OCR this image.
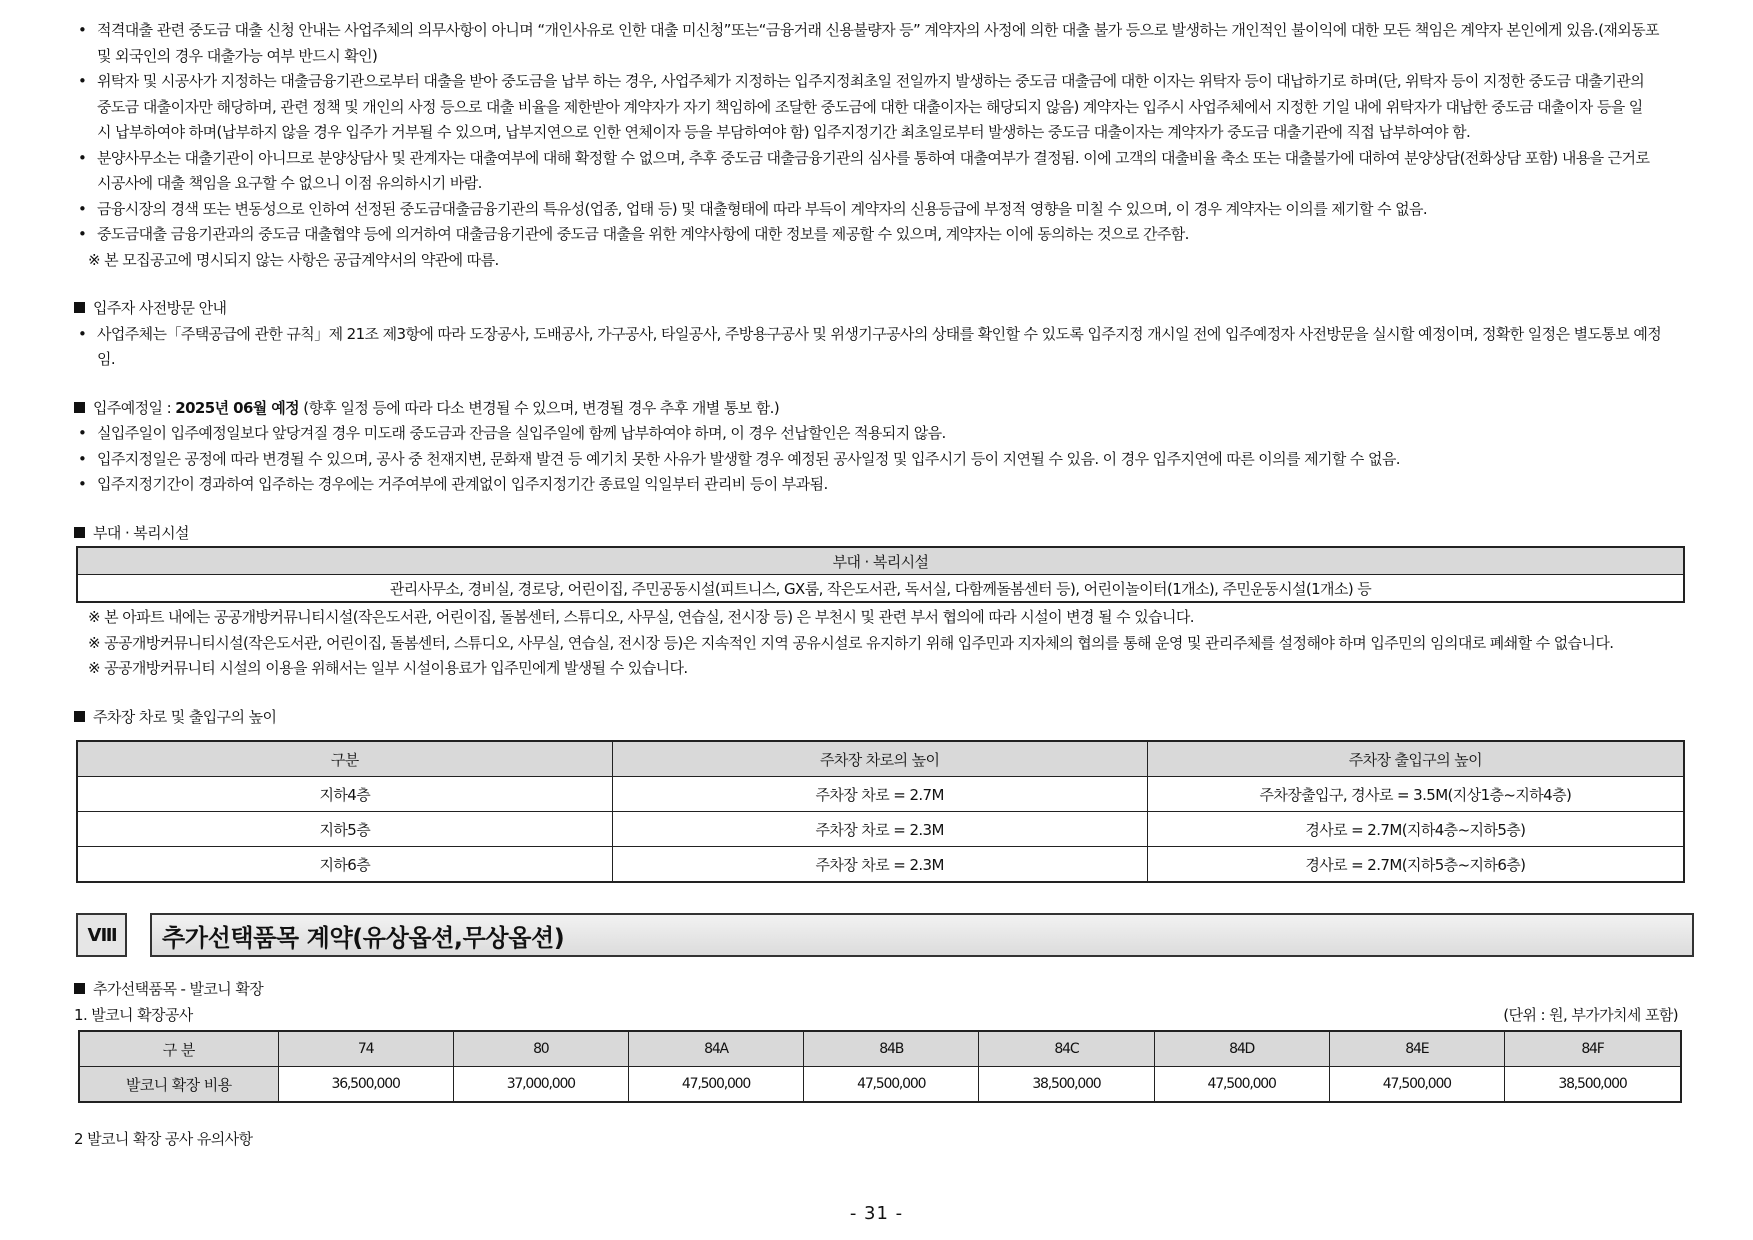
• 적격대출 관련 중도금 대출 신청 안내는 사업주체의 의무사항이 아니며 “개인사유로 인한 대출 미신청”또는“금융거래 신용불량자 등” 계약자의 사정에 의한 대출 불가 등으로 발생하는 개인적인 불이익에 대한 모든 책임은 계약자 본인에게 있음.(재외동포
및 외국인의 경우 대출가능 여부 반드시 확인)
• 위탁자 및 시공사가 지정하는 대출금융기관으로부터 대출을 받아 중도금을 납부 하는 경우, 사업주체가 지정하는 입주지정최초일 전일까지 발생하는 중도금 대출금에 대한 이자는 위탁자 등이 대납하기로 하며(단, 위탁자 등이 지정한 중도금 대출기관의
중도금 대출이자만 해당하며, 관련 정책 및 개인의 사정 등으로 대출 비율을 제한받아 계약자가 자기 책임하에 조달한 중도금에 대한 대출이자는 해당되지 않음) 계약자는 입주시 사업주체에서 지정한 기일 내에 위탁자가 대납한 중도금 대출이자 등을 일
시 납부하여야 하며(납부하지 않을 경우 입주가 거부될 수 있으며, 납부지연으로 인한 연체이자 등을 부담하여야 함) 입주지정기간 최초일로부터 발생하는 중도금 대출이자는 계약자가 중도금 대출기관에 직접 납부하여야 함.
• 분양사무소는 대출기관이 아니므로 분양상담사 및 관계자는 대출여부에 대해 확정할 수 없으며, 추후 중도금 대출금융기관의 심사를 통하여 대출여부가 결정됨. 이에 고객의 대출비율 축소 또는 대출불가에 대하여 분양상담(전화상담 포함) 내용을 근거로
시공사에 대출 책임을 요구할 수 없으니 이점 유의하시기 바람.
• 금융시장의 경색 또는 변동성으로 인하여 선정된 중도금대출금융기관의 특유성(업종, 업태 등) 및 대출형태에 따라 부득이 계약자의 신용등급에 부정적 영향을 미칠 수 있으며, 이 경우 계약자는 이의를 제기할 수 없음.
• 중도금대출 금융기관과의 중도금 대출협약 등에 의거하여 대출금융기관에 중도금 대출을 위한 계약사항에 대한 정보를 제공할 수 있으며, 계약자는 이에 동의하는 것으로 간주함.
※ 본 모집공고에 명시되지 않는 사항은 공급계약서의 약관에 따름.
입주자 사전방문 안내
• 사업주체는「주택공급에 관한 규칙」제 21조 제3항에 따라 도장공사, 도배공사, 가구공사, 타일공사, 주방용구공사 및 위생기구공사의 상태를 확인할 수 있도록 입주지정 개시일 전에 입주예정자 사전방문을 실시할 예정이며, 정확한 일정은 별도통보 예정
임.
입주예정일 : 2025년 06월 예정 (향후 일정 등에 따라 다소 변경될 수 있으며, 변경될 경우 추후 개별 통보 함.)
• 실입주일이 입주예정일보다 앞당겨질 경우 미도래 중도금과 잔금을 실입주일에 함께 납부하여야 하며, 이 경우 선납할인은 적용되지 않음.
• 입주지정일은 공정에 따라 변경될 수 있으며, 공사 중 천재지변, 문화재 발견 등 예기치 못한 사유가 발생할 경우 예정된 공사일정 및 입주시기 등이 지연될 수 있음. 이 경우 입주지연에 따른 이의를 제기할 수 없음.
• 입주지정기간이 경과하여 입주하는 경우에는 거주여부에 관계없이 입주지정기간 종료일 익일부터 관리비 등이 부과됨.
부대 · 복리시설
부대 · 복리시설
관리사무소, 경비실, 경로당, 어린이집, 주민공동시설(피트니스, GX룸, 작은도서관, 독서실, 다함께돌봄센터 등), 어린이놀이터(1개소), 주민운동시설(1개소) 등
※ 본 아파트 내에는 공공개방커뮤니티시설(작은도서관, 어린이집, 돌봄센터, 스튜디오, 사무실, 연습실, 전시장 등) 은 부천시 및 관련 부서 협의에 따라 시설이 변경 될 수 있습니다.
※ 공공개방커뮤니티시설(작은도서관, 어린이집, 돌봄센터, 스튜디오, 사무실, 연습실, 전시장 등)은 지속적인 지역 공유시설로 유지하기 위해 입주민과 지자체의 협의를 통해 운영 및 관리주체를 설정해야 하며 입주민의 임의대로 폐쇄할 수 없습니다.
※ 공공개방커뮤니티 시설의 이용을 위해서는 일부 시설이용료가 입주민에게 발생될 수 있습니다.
주차장 차로 및 출입구의 높이
구분	주차장 차로의 높이	주차장 출입구의 높이
지하4층	주차장 차로 = 2.7M	주차장출입구, 경사로 = 3.5M(지상1층~지하4층)
지하5층	주차장 차로 = 2.3M	경사로 = 2.7M(지하4층~지하5층)
지하6층	주차장 차로 = 2.3M	경사로 = 2.7M(지하5층~지하6층)
Ⅷ	추가선택품목 계약(유상옵션,무상옵션)
추가선택품목 - 발코니 확장
1. 발코니 확장공사	(단위 : 원, 부가가치세 포함)
구 분	74	80	84A	84B	84C	84D	84E	84F
발코니 확장 비용	36,500,000	37,000,000	47,500,000	47,500,000	38,500,000	47,500,000	47,500,000	38,500,000
2 발코니 확장 공사 유의사항
- 31 -
